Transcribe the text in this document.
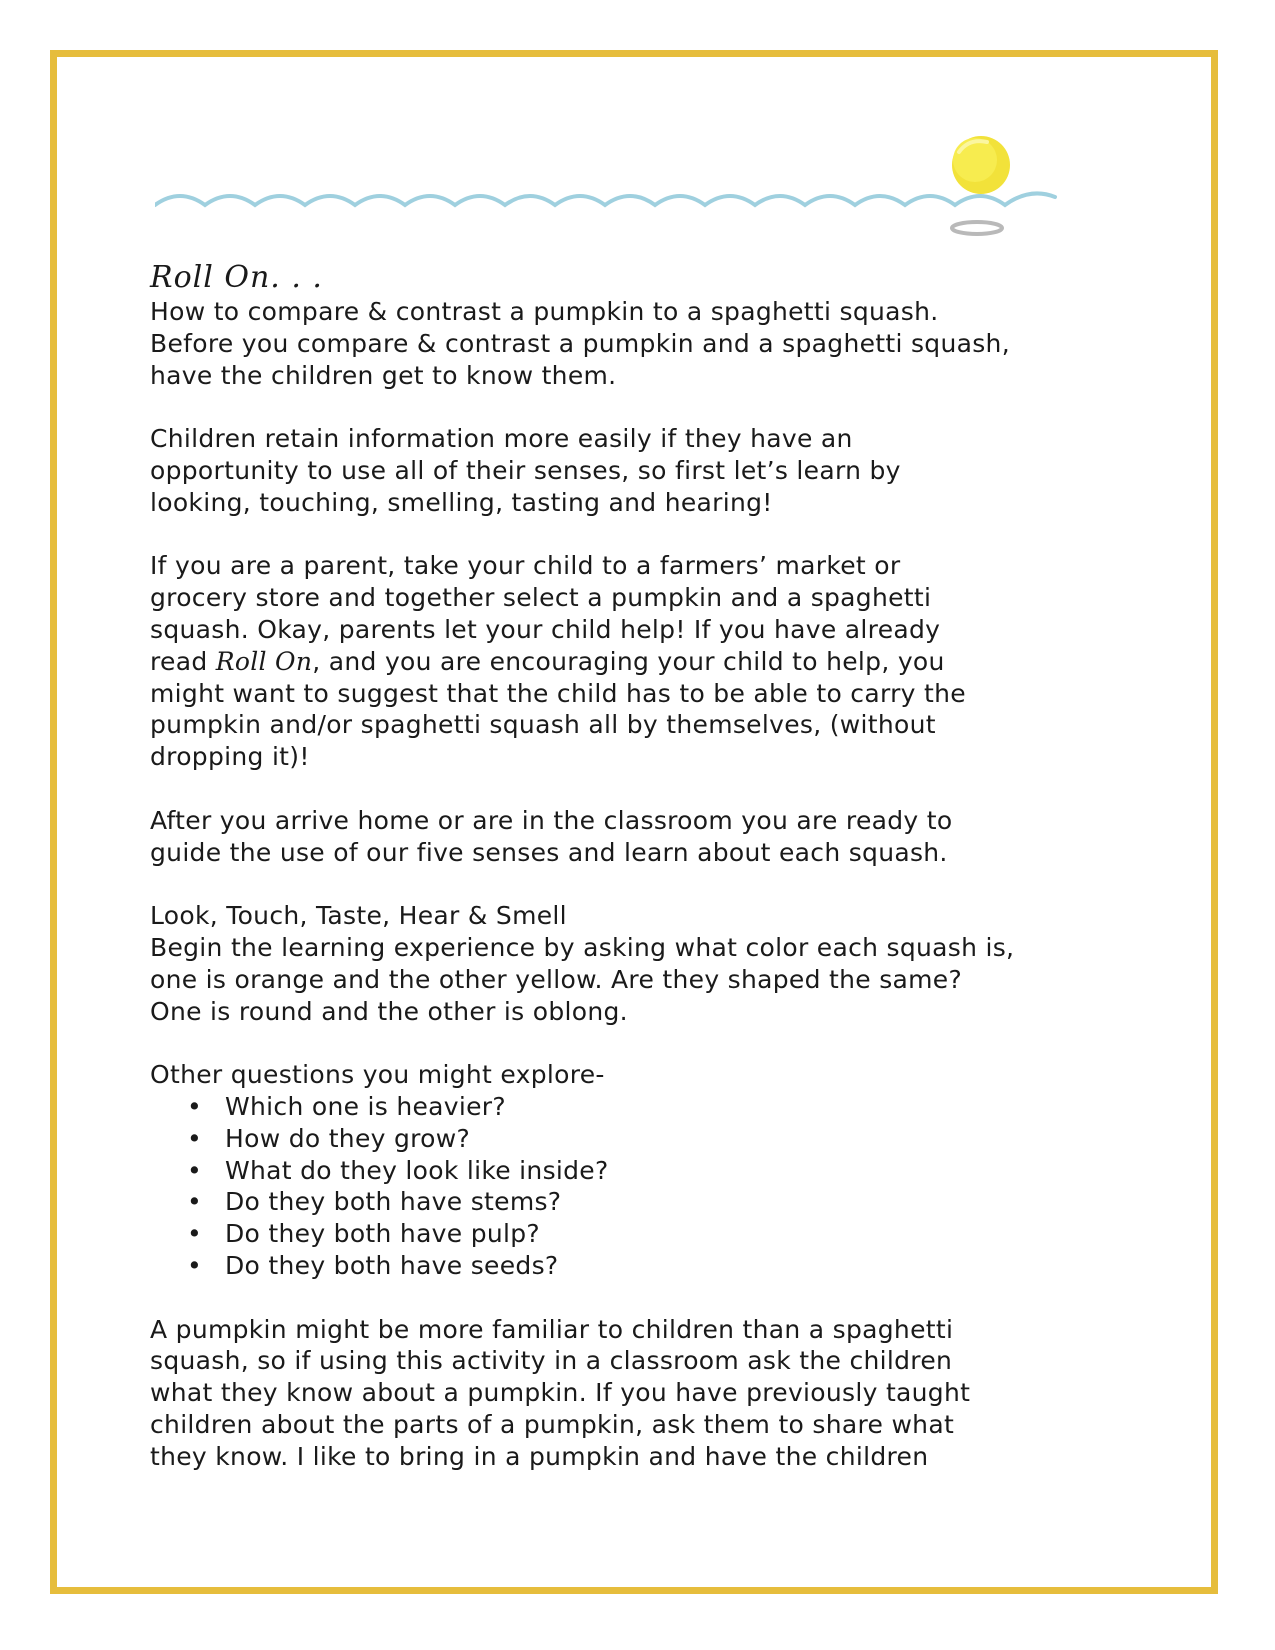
Roll On. . .

How to compare & contrast a pumpkin to a spaghetti squash.
Before you compare & contrast a pumpkin and a spaghetti squash,
have the children get to know them.

Children retain information more easily if they have an
opportunity to use all of their senses, so first let’s learn by
looking, touching, smelling, tasting and hearing!

If you are a parent, take your child to a farmers’ market or
grocery store and together select a pumpkin and a spaghetti
squash. Okay, parents let your child help! If you have already
read Roll On, and you are encouraging your child to help, you
might want to suggest that the child has to be able to carry the
pumpkin and/or spaghetti squash all by themselves, (without
dropping it)!

After you arrive home or are in the classroom you are ready to
guide the use of our five senses and learn about each squash.

Look, Touch, Taste, Hear & Smell
Begin the learning experience by asking what color each squash is,
one is orange and the other yellow. Are they shaped the same?
One is round and the other is oblong.

Other questions you might explore-

• Which one is heavier?
• How do they grow?
• What do they look like inside?
• Do they both have stems?
• Do they both have pulp?
• Do they both have seeds?

A pumpkin might be more familiar to children than a spaghetti
squash, so if using this activity in a classroom ask the children
what they know about a pumpkin. If you have previously taught
children about the parts of a pumpkin, ask them to share what
they know. I like to bring in a pumpkin and have the children
